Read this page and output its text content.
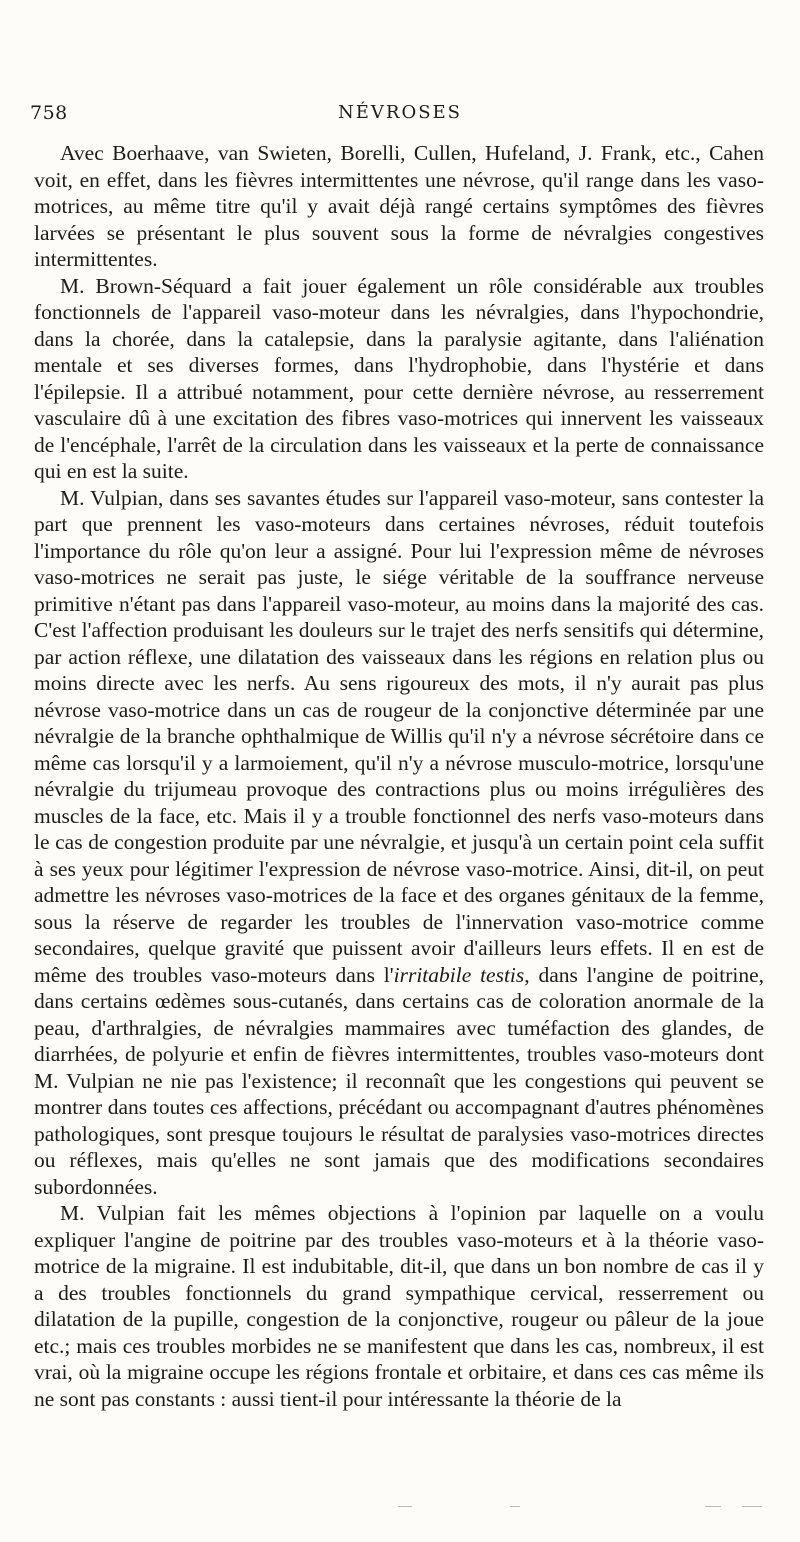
758	NÉVROSES

Avec Boerhaave, van Swieten, Borelli, Cullen, Hufeland, J. Frank, etc., Cahen voit, en effet, dans les fièvres intermittentes une névrose, qu'il range dans les vaso-motrices, au même titre qu'il y avait déjà rangé certains symptômes des fièvres larvées se présentant le plus souvent sous la forme de névralgies congestives intermittentes.

M. Brown-Séquard a fait jouer également un rôle considérable aux troubles fonctionnels de l'appareil vaso-moteur dans les névralgies, dans l'hypochondrie, dans la chorée, dans la catalepsie, dans la paralysie agitante, dans l'aliénation mentale et ses diverses formes, dans l'hydrophobie, dans l'hystérie et dans l'épilepsie. Il a attribué notamment, pour cette dernière névrose, au resserrement vasculaire dû à une excitation des fibres vaso-motrices qui innervent les vaisseaux de l'encéphale, l'arrêt de la circulation dans les vaisseaux et la perte de connaissance qui en est la suite.

M. Vulpian, dans ses savantes études sur l'appareil vaso-moteur, sans contester la part que prennent les vaso-moteurs dans certaines névroses, réduit toutefois l'importance du rôle qu'on leur a assigné. Pour lui l'expression même de névroses vaso-motrices ne serait pas juste, le siége véritable de la souffrance nerveuse primitive n'étant pas dans l'appareil vaso-moteur, au moins dans la majorité des cas. C'est l'affection produisant les douleurs sur le trajet des nerfs sensitifs qui détermine, par action réflexe, une dilatation des vaisseaux dans les régions en relation plus ou moins directe avec les nerfs. Au sens rigoureux des mots, il n'y aurait pas plus névrose vaso-motrice dans un cas de rougeur de la conjonctive déterminée par une névralgie de la branche ophthalmique de Willis qu'il n'y a névrose sécrétoire dans ce même cas lorsqu'il y a larmoiement, qu'il n'y a névrose musculo-motrice, lorsqu'une névralgie du trijumeau provoque des contractions plus ou moins irrégulières des muscles de la face, etc. Mais il y a trouble fonctionnel des nerfs vaso-moteurs dans le cas de congestion produite par une névralgie, et jusqu'à un certain point cela suffit à ses yeux pour légitimer l'expression de névrose vaso-motrice. Ainsi, dit-il, on peut admettre les névroses vaso-motrices de la face et des organes génitaux de la femme, sous la réserve de regarder les troubles de l'innervation vaso-motrice comme secondaires, quelque gravité que puissent avoir d'ailleurs leurs effets. Il en est de même des troubles vaso-moteurs dans l'irritabile testis, dans l'angine de poitrine, dans certains œdèmes sous-cutanés, dans certains cas de coloration anormale de la peau, d'arthralgies, de névralgies mammaires avec tuméfaction des glandes, de diarrhées, de polyurie et enfin de fièvres intermittentes, troubles vaso-moteurs dont M. Vulpian ne nie pas l'existence; il reconnaît que les congestions qui peuvent se montrer dans toutes ces affections, précédant ou accompagnant d'autres phénomènes pathologiques, sont presque toujours le résultat de paralysies vaso-motrices directes ou réflexes, mais qu'elles ne sont jamais que des modifications secondaires subordonnées.

M. Vulpian fait les mêmes objections à l'opinion par laquelle on a voulu expliquer l'angine de poitrine par des troubles vaso-moteurs et à la théorie vaso-motrice de la migraine. Il est indubitable, dit-il, que dans un bon nombre de cas il y a des troubles fonctionnels du grand sympathique cervical, resserrement ou dilatation de la pupille, congestion de la conjonctive, rougeur ou pâleur de la joue etc.; mais ces troubles morbides ne se manifestent que dans les cas, nombreux, il est vrai, où la migraine occupe les régions frontale et orbitaire, et dans ces cas même ils ne sont pas constants : aussi tient-il pour intéressante la théorie de la
